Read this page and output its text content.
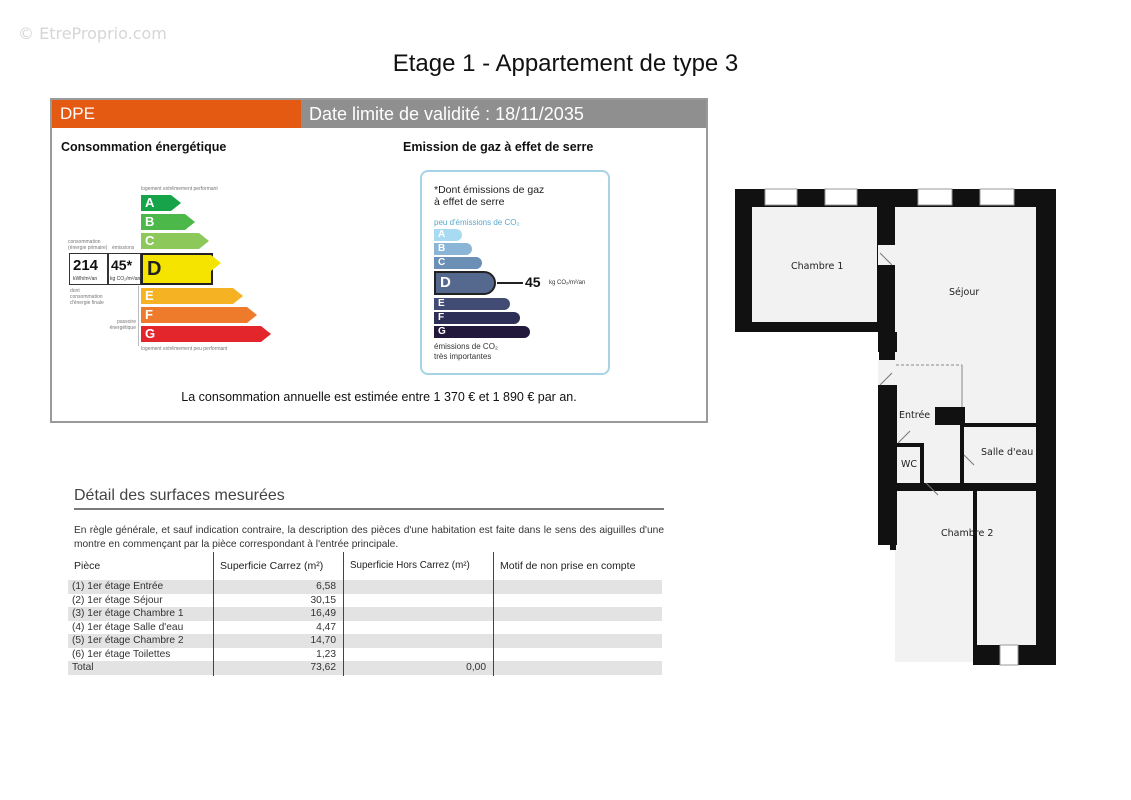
© EtreProprio.com
Etage 1 - Appartement de type 3
DPE	Date limite de validité : 18/11/2035
Consommation énergétique	Emission de gaz à effet de serre
logement extrêmement performant
A
B
C
D
E
F
G
logement extrêmement peu performant
consommation (énergie primaire) émissions
214
kWh/m²/an
45*
kg CO₂/m²/an
dont consommation d'énergie finale
passoire énergétique
*Dont émissions de gaz
à effet de serre
peu d'émissions de CO₂
A
B
C
D
E
F
G
émissions de CO₂
très importantes
45 kg CO₂/m²/an
La consommation annuelle est estimée entre 1 370 € et 1 890 € par an.
Détail des surfaces mesurées
En règle générale, et sauf indication contraire, la description des pièces d'une habitation est faite dans le sens des aiguilles d'une montre en commençant par la pièce correspondant à l'entrée principale.
Pièce	Superficie Carrez (m²)	Superficie Hors Carrez (m²)	Motif de non prise en compte
(1) 1er étage Entrée	6,58
(2) 1er étage Séjour	30,15
(3) 1er étage Chambre 1	16,49
(4) 1er étage Salle d'eau	4,47
(5) 1er étage Chambre 2	14,70
(6) 1er étage Toilettes	1,23
Total	73,62	0,00
Chambre 1
Séjour
Entrée
Salle d'eau
WC
Chambre 2
